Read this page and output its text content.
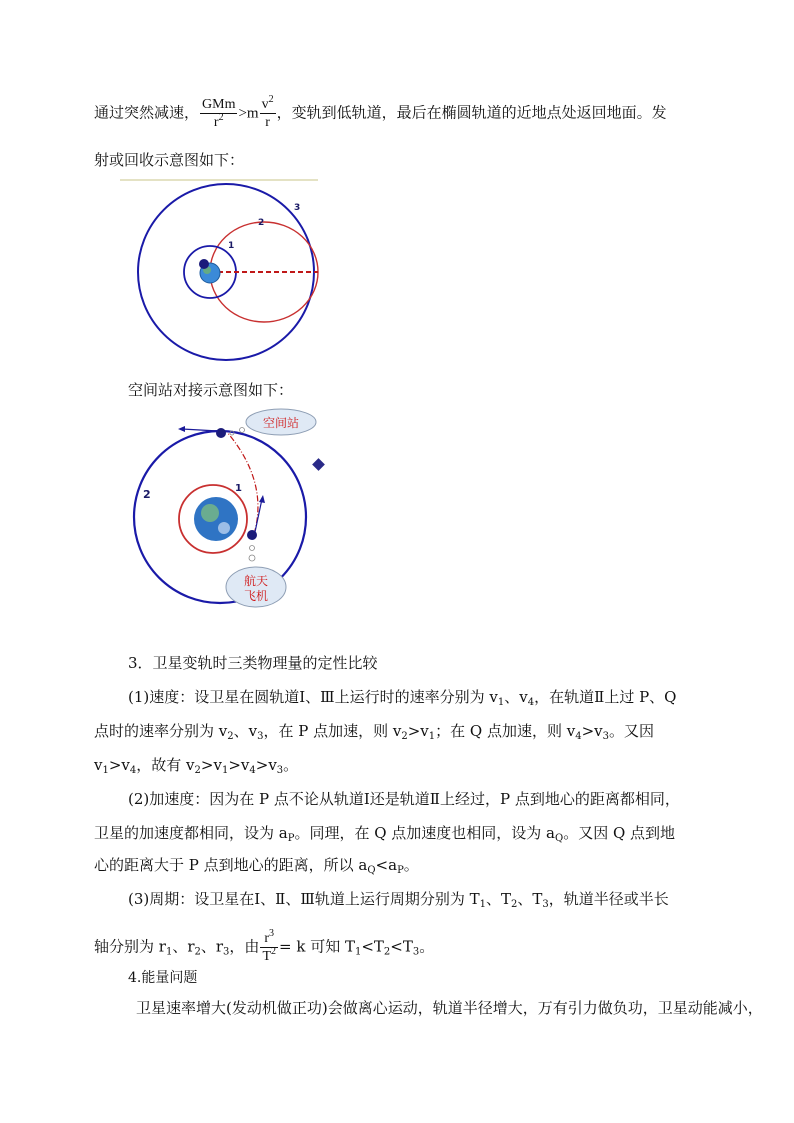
通过突然减速， $\frac{\text{GMm}}{r^2} >m \frac{v^2}{r}$ ，变轨到低轨道，最后在椭圆轨道的近地点处返回地面。发
射或回收示意图如下：
1
2
3
空间站对接示意图如下：
空间站
航天
飞机
1
2
3．卫星变轨时三类物理量的定性比较
(1)速度：设卫星在圆轨道Ⅰ、Ⅲ上运行时的速率分别为 $v_1$、$v_4$，在轨道Ⅱ上过 P、Q
点时的速率分别为 $v_2$、$v_3$，在 P 点加速，则 $v_2>v_1$；在 Q 点加速，则 $v_4>v_3$。又因
$v_1>v_4$，故有 $v_2>v_1>v_4>v_3$。
(2)加速度：因为在 P 点不论从轨道Ⅰ还是轨道Ⅱ上经过，P 点到地心的距离都相同，
卫星的加速度都相同，设为 $a_P$。同理，在 Q 点加速度也相同，设为 $a_Q$。又因 Q 点到地
心的距离大于 P 点到地心的距离，所以 $a_Q<a_P$。
(3)周期：设卫星在Ⅰ、Ⅱ、Ⅲ轨道上运行周期分别为 $T_1$、$T_2$、$T_3$，轨道半径或半长
轴分别为 $r_1$、$r_2$、$r_3$，由 $\frac{r^3}{T^2} = k$ 可知 $T_1<T_2<T_3$。
4.能量问题
卫星速率增大(发动机做正功)会做离心运动，轨道半径增大，万有引力做负功，卫星动能减小，
